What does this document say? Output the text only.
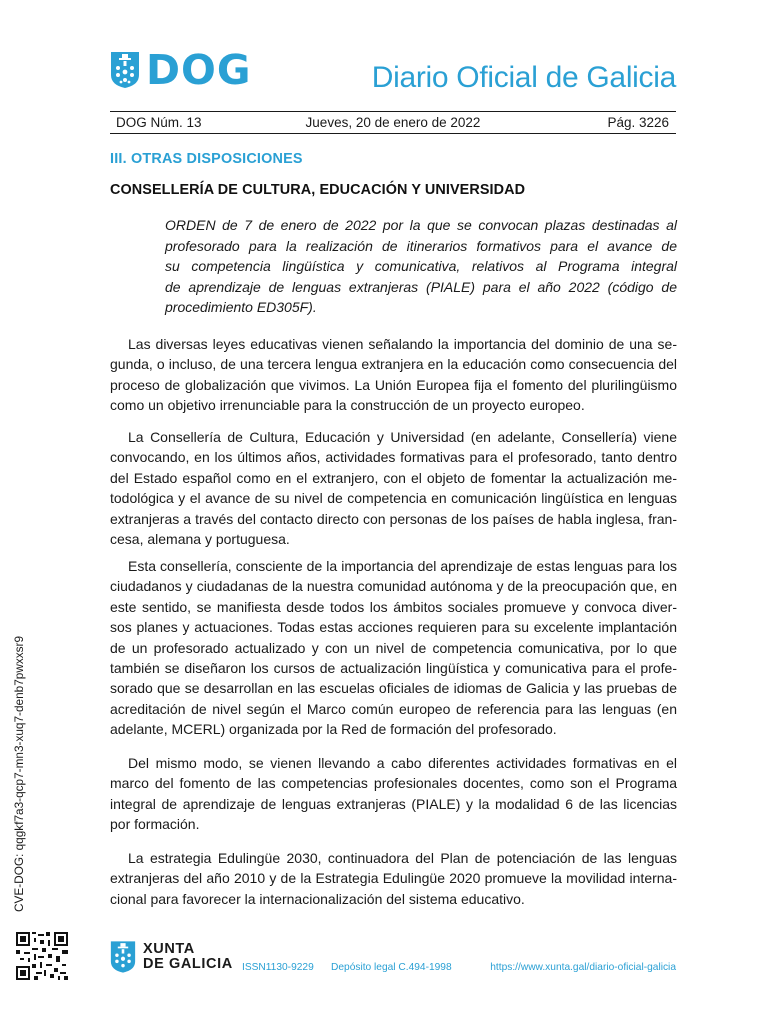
DOG	Diario Oficial de Galicia
DOG Núm. 13	Jueves, 20 de enero de 2022	Pág. 3226
III. OTRAS DISPOSICIONES
CONSELLERÍA DE CULTURA, EDUCACIÓN Y UNIVERSIDAD
ORDEN de 7 de enero de 2022 por la que se convocan plazas destinadas al
profesorado para la realización de itinerarios formativos para el avance de
su competencia lingüística y comunicativa, relativos al Programa integral
de aprendizaje de lenguas extranjeras (PIALE) para el año 2022 (código de
procedimiento ED305F).
Las diversas leyes educativas vienen señalando la importancia del dominio de una se-
gunda, o incluso, de una tercera lengua extranjera en la educación como consecuencia del
proceso de globalización que vivimos. La Unión Europea fija el fomento del plurilingüismo
como un objetivo irrenunciable para la construcción de un proyecto europeo.
La Consellería de Cultura, Educación y Universidad (en adelante, Consellería) viene
convocando, en los últimos años, actividades formativas para el profesorado, tanto dentro
del Estado español como en el extranjero, con el objeto de fomentar la actualización me-
todológica y el avance de su nivel de competencia en comunicación lingüística en lenguas
extranjeras a través del contacto directo con personas de los países de habla inglesa, fran-
cesa, alemana y portuguesa.
Esta consellería, consciente de la importancia del aprendizaje de estas lenguas para los
ciudadanos y ciudadanas de la nuestra comunidad autónoma y de la preocupación que, en
este sentido, se manifiesta desde todos los ámbitos sociales promueve y convoca diver-
sos planes y actuaciones. Todas estas acciones requieren para su excelente implantación
de un profesorado actualizado y con un nivel de competencia comunicativa, por lo que
también se diseñaron los cursos de actualización lingüística y comunicativa para el profe-
sorado que se desarrollan en las escuelas oficiales de idiomas de Galicia y las pruebas de
acreditación de nivel según el Marco común europeo de referencia para las lenguas (en
adelante, MCERL) organizada por la Red de formación del profesorado.
Del mismo modo, se vienen llevando a cabo diferentes actividades formativas en el
marco del fomento de las competencias profesionales docentes, como son el Programa
integral de aprendizaje de lenguas extranjeras (PIALE) y la modalidad 6 de las licencias
por formación.
La estrategia Edulingüe 2030, continuadora del Plan de potenciación de las lenguas
extranjeras del año 2010 y de la Estrategia Edulingüe 2020 promueve la movilidad interna-
cional para favorecer la internacionalización del sistema educativo.
CVE-DOG: qqgkf7a3-qcp7-mn3-xuq7-denb7pwxxsr9
XUNTA
DE GALICIA ISSN1130-9229 Depósito legal C.494-1998	https://www.xunta.gal/diario-oficial-galicia
